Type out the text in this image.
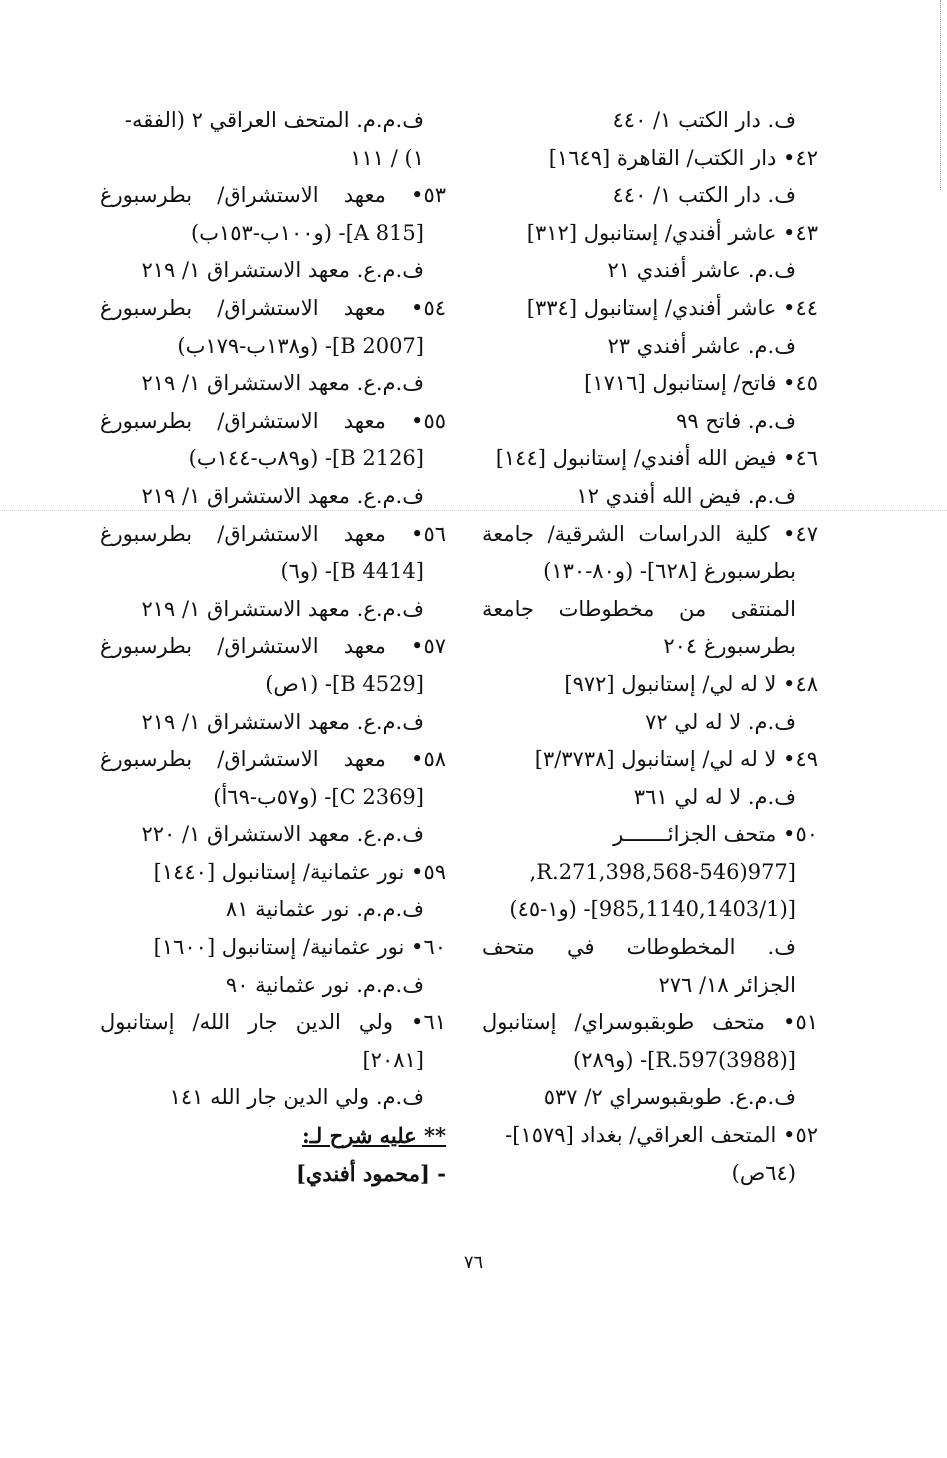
ف. دار الكتب ١/ ٤٤٠
٤٢• دار الكتب/ القاهرة [١٦٤٩]
ف. دار الكتب ١/ ٤٤٠
٤٣• عاشر أفندي/ إستانبول [٣١٢]
ف.م. عاشر أفندي ٢١
٤٤• عاشر أفندي/ إستانبول [٣٣٤]
ف.م. عاشر أفندي ٢٣
٤٥• فاتح/ إستانبول [١٧١٦]
ف.م. فاتح ٩٩
٤٦• فيض الله أفندي/ إستانبول [١٤٤]
ف.م. فيض الله أفندي ١٢
٤٧• كلية الدراسات الشرقية/ جامعة
بطرسبورغ [٦٢٨]- (و٨٠-١٣٠)
المنتقى من مخطوطات جامعة
بطرسبورغ ٢٠٤
٤٨• لا له لي/ إستانبول [٩٧٢]
ف.م. لا له لي ٧٢
٤٩• لا له لي/ إستانبول [٣/٣٧٣٨]
ف.م. لا له لي ٣٦١
٥٠• متحف الجزائـــــــر
[977(546-R.271,398,568,
[(985,1140,1403/1]- (و١-٤٥)
ف. المخطوطات في متحف
الجزائر ١٨/ ٢٧٦
٥١• متحف طوبقبوسراي/ إستانبول
[R.597(3988)]- (و٢٨٩)
ف.م.ع. طوبقبوسراي ٢/ ٥٣٧
٥٢• المتحف العراقي/ بغداد [١٥٧٩]-
(٦٤ص)
ف.م.م. المتحف العراقي ٢ (الفقه-
١) / ١١١
٥٣• معهد الاستشراق/ بطرسبورغ
[A 815]- (و١٠٠ب-١٥٣ب)
ف.م.ع. معهد الاستشراق ١/ ٢١٩
٥٤• معهد الاستشراق/ بطرسبورغ
[B 2007]- (و١٣٨ب-١٧٩ب)
ف.م.ع. معهد الاستشراق ١/ ٢١٩
٥٥• معهد الاستشراق/ بطرسبورغ
[B 2126]- (و٨٩ب-١٤٤ب)
ف.م.ع. معهد الاستشراق ١/ ٢١٩
٥٦• معهد الاستشراق/ بطرسبورغ
[B 4414]- (و٦)
ف.م.ع. معهد الاستشراق ١/ ٢١٩
٥٧• معهد الاستشراق/ بطرسبورغ
[B 4529]- (١ص)
ف.م.ع. معهد الاستشراق ١/ ٢١٩
٥٨• معهد الاستشراق/ بطرسبورغ
[C 2369]- (و٥٧ب-٦٩أ)
ف.م.ع. معهد الاستشراق ١/ ٢٢٠
٥٩• نور عثمانية/ إستانبول [١٤٤٠]
ف.م.م. نور عثمانية ٨١
٦٠• نور عثمانية/ إستانبول [١٦٠٠]
ف.م.م. نور عثمانية ٩٠
٦١• ولي الدين جار الله/ إستانبول
[٢٠٨١]
ف.م. ولي الدين جار الله ١٤١
** عليه شرح لـ:
- [محمود أفندي]
٧٦
